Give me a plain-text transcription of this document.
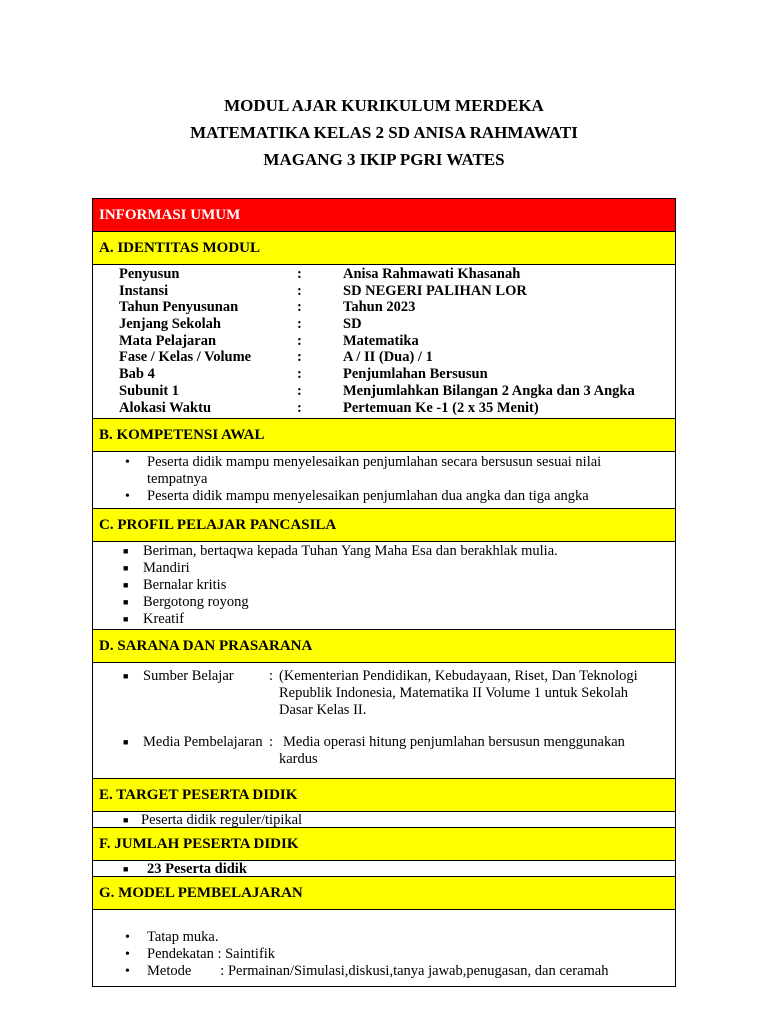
MODUL AJAR KURIKULUM MERDEKA
MATEMATIKA KELAS 2 SD ANISA RAHMAWATI
MAGANG 3 IKIP PGRI WATES
INFORMASI UMUM
A. IDENTITAS MODUL
Penyusun	:	Anisa Rahmawati Khasanah
Instansi	:	SD NEGERI PALIHAN LOR
Tahun Penyusunan	:	Tahun 2023
Jenjang Sekolah	:	SD
Mata Pelajaran	:	Matematika
Fase / Kelas / Volume	:	A / II (Dua) / 1
Bab 4	:	Penjumlahan Bersusun
Subunit 1	:	Menjumlahkan Bilangan 2 Angka dan 3 Angka
Alokasi Waktu	:	Pertemuan Ke -1 (2 x 35 Menit)
B. KOMPETENSI AWAL
• Peserta didik mampu menyelesaikan penjumlahan secara bersusun sesuai nilai
tempatnya
• Peserta didik mampu menyelesaikan penjumlahan dua angka dan tiga angka
C. PROFIL PELAJAR PANCASILA
■ Beriman, bertaqwa kepada Tuhan Yang Maha Esa dan berakhlak mulia.
■ Mandiri
■ Bernalar kritis
■ Bergotong royong
■ Kreatif
D. SARANA DAN PRASARANA
■ Sumber Belajar : (Kementerian Pendidikan, Kebudayaan, Riset, Dan Teknologi
Republik Indonesia, Matematika II Volume 1 untuk Sekolah
Dasar Kelas II.
■ Media Pembelajaran : Media operasi hitung penjumlahan bersusun menggunakan
kardus
E. TARGET PESERTA DIDIK
■ Peserta didik reguler/tipikal
F. JUMLAH PESERTA DIDIK
■ 23 Peserta didik
G. MODEL PEMBELAJARAN
• Tatap muka.
• Pendekatan : Saintifik
• Metode        : Permainan/Simulasi,diskusi,tanya jawab,penugasan, dan ceramah
